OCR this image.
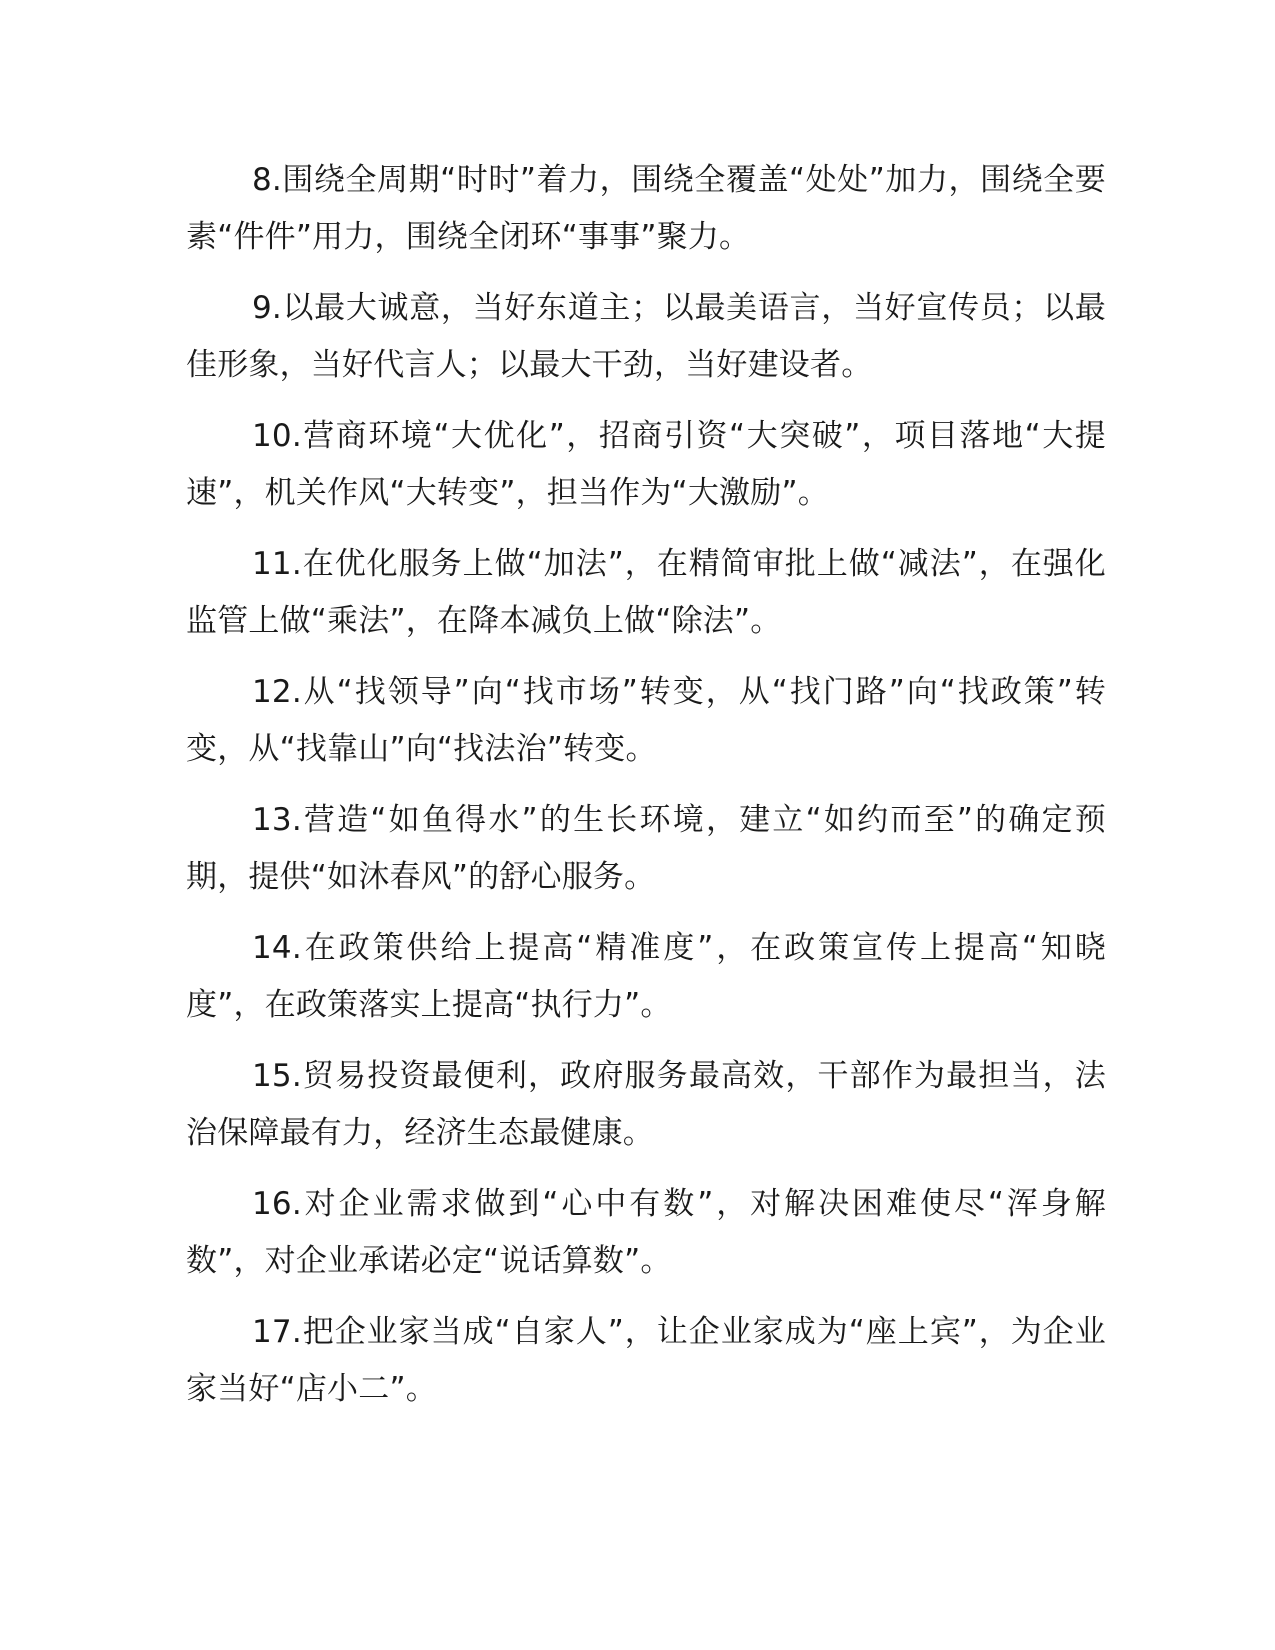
8.围绕全周期“时时”着力，围绕全覆盖“处处”加力，围绕全要素“件件”用力，围绕全闭环“事事”聚力。

9.以最大诚意，当好东道主；以最美语言，当好宣传员；以最佳形象，当好代言人；以最大干劲，当好建设者。

10.营商环境“大优化”，招商引资“大突破”，项目落地“大提速”，机关作风“大转变”，担当作为“大激励”。

11.在优化服务上做“加法”，在精简审批上做“减法”，在强化监管上做“乘法”，在降本减负上做“除法”。

12.从“找领导”向“找市场”转变，从“找门路”向“找政策”转变，从“找靠山”向“找法治”转变。

13.营造“如鱼得水”的生长环境，建立“如约而至”的确定预期，提供“如沐春风”的舒心服务。

14.在政策供给上提高“精准度”，在政策宣传上提高“知晓度”，在政策落实上提高“执行力”。

15.贸易投资最便利，政府服务最高效，干部作为最担当，法治保障最有力，经济生态最健康。

16.对企业需求做到“心中有数”，对解决困难使尽“浑身解数”，对企业承诺必定“说话算数”。

17.把企业家当成“自家人”，让企业家成为“座上宾”，为企业家当好“店小二”。
